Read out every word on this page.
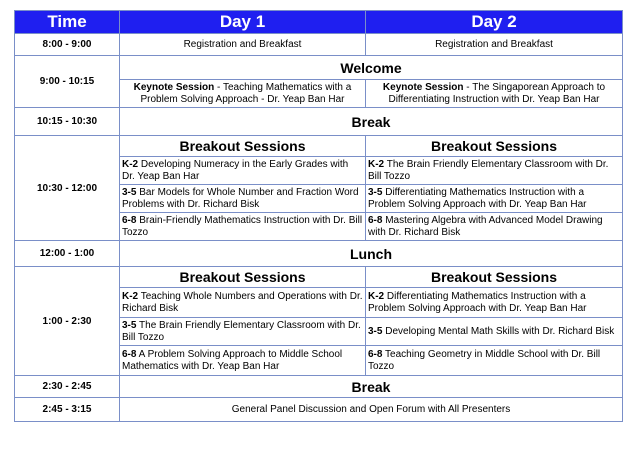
Time	Day 1	Day 2
8:00 - 9:00	Registration and Breakfast	Registration and Breakfast
9:00 - 10:15	Welcome	
	Keynote Session - Teaching Mathematics with a Problem Solving Approach - Dr. Yeap Ban Har	Keynote Session - The Singaporean Approach to Differentiating Instruction with Dr. Yeap Ban Har
10:15 - 10:30	Break	
10:30 - 12:00	Breakout Sessions	Breakout Sessions
	K-2 Developing Numeracy in the Early Grades with Dr. Yeap Ban Har	K-2 The Brain Friendly Elementary Classroom with Dr. Bill Tozzo
	3-5 Bar Models for Whole Number and Fraction Word Problems with Dr. Richard Bisk	3-5 Differentiating Mathematics Instruction with a Problem Solving Approach with Dr. Yeap Ban Har
	6-8 Brain-Friendly Mathematics Instruction with Dr. Bill Tozzo	6-8 Mastering Algebra with Advanced Model Drawing with Dr. Richard Bisk
12:00 - 1:00	Lunch	
1:00 - 2:30	Breakout Sessions	Breakout Sessions
	K-2 Teaching Whole Numbers and Operations with Dr. Richard Bisk	K-2 Differentiating Mathematics Instruction with a Problem Solving Approach with Dr. Yeap Ban Har
	3-5 The Brain Friendly Elementary Classroom with Dr. Bill Tozzo	3-5 Developing Mental Math Skills with Dr. Richard Bisk
	6-8 A Problem Solving Approach to Middle School Mathematics with Dr. Yeap Ban Har	6-8 Teaching Geometry in Middle School with Dr. Bill Tozzo
2:30 - 2:45	Break	
2:45 - 3:15	General Panel Discussion and Open Forum with All Presenters	
